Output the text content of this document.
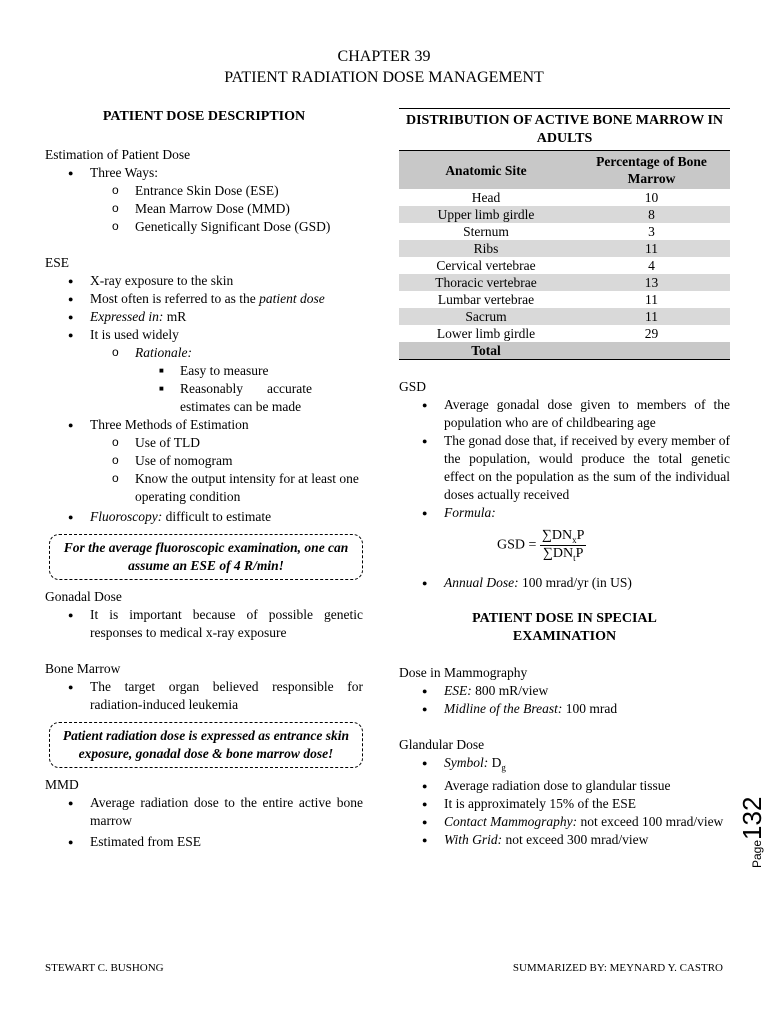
CHAPTER 39
PATIENT RADIATION DOSE MANAGEMENT
PATIENT DOSE DESCRIPTION

Estimation of Patient Dose

● Three Ways:
o Entrance Skin Dose (ESE)
o Mean Marrow Dose (MMD)
o Genetically Significant Dose (GSD)

ESE

● X-ray exposure to the skin
● Most often is referred to as the patient dose
● Expressed in: mR
● It is used widely
o Rationale:
■ Easy to measure
■ Reasonably accurate
estimates can be made
● Three Methods of Estimation
o Use of TLD
o Use of nomogram
o Know the output intensity for at least one operating condition
● Fluoroscopy: difficult to estimate
For the average fluoroscopic examination, one can assume an ESE of 4 R/min!

Gonadal Dose

● It is important because of possible genetic responses to medical x-ray exposure

Bone Marrow

● The target organ believed responsible for radiation-induced leukemia
Patient radiation dose is expressed as entrance skin exposure, gonadal dose & bone marrow dose!

MMD

● Average radiation dose to the entire active bone marrow
● Estimated from ESE
DISTRIBUTION OF ACTIVE BONE MARROW IN ADULTS
Anatomic Site	Percentage of Bone Marrow
Head	10
Upper limb girdle	8
Sternum	3
Ribs	11
Cervical vertebrae	4
Thoracic vertebrae	13
Lumbar vertebrae	11
Sacrum	11
Lower limb girdle	29
Total	

GSD

● Average gonadal dose given to members of the population who are of childbearing age
● The gonad dose that, if received by every member of the population, would produce the total genetic effect on the population as the sum of the individual doses actually received
● Formula:
GSD = $\frac{\sum DN_xP}{\sum DN_tP}$
● Annual Dose: 100 mrad/yr (in US)
PATIENT DOSE IN SPECIAL EXAMINATION

Dose in Mammography

● ESE: 800 mR/view
● Midline of the Breast: 100 mrad

Glandular Dose

● Symbol: $D_g$
● Average radiation dose to glandular tissue
● It is approximately 15% of the ESE
● Contact Mammography: not exceed 100 mrad/view
● With Grid: not exceed 300 mrad/view
Page132
STEWART C. BUSHONG	SUMMARIZED BY: MEYNARD Y. CASTRO
